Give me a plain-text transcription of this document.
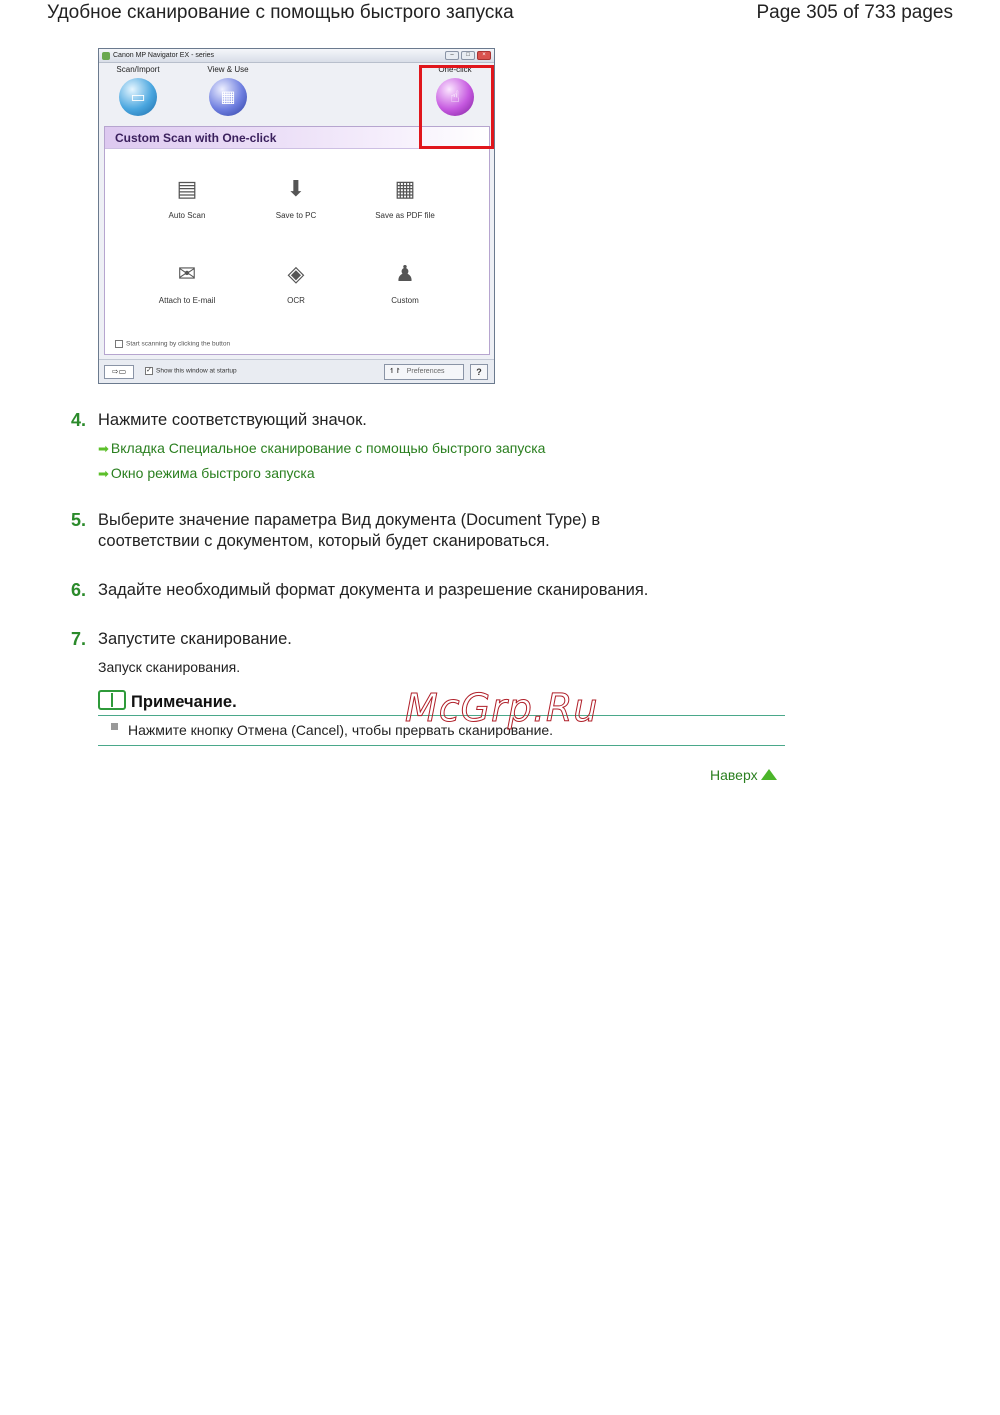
Удобное сканирование с помощью быстрого запуска	Page 305 of 733 pages
Canon MP Navigator EX - series	–	□	×
Scan/Import
▭
View & Use
▦
One-click
☝
Custom Scan with One-click
▤
Auto Scan
⬇
Save to PC
▦
Save as PDF file
✉
Attach to E-mail
◈
OCR
♟
Custom
Start scanning by clicking the button
⇨▭	✓ Show this window at startup	↿↾ Preferences	?
4. Нажмите соответствующий значок.
➡ Вкладка Специальное сканирование с помощью быстрого запуска
➡ Окно режима быстрого запуска
5. Выберите значение параметра Вид документа (Document Type) в соответствии с документом, который будет сканироваться.
6. Задайте необходимый формат документа и разрешение сканирования.
7. Запустите сканирование.
Запуск сканирования.
Примечание.
Нажмите кнопку Отмена (Cancel), чтобы прервать сканирование.
McGrp.Ru
Наверх
